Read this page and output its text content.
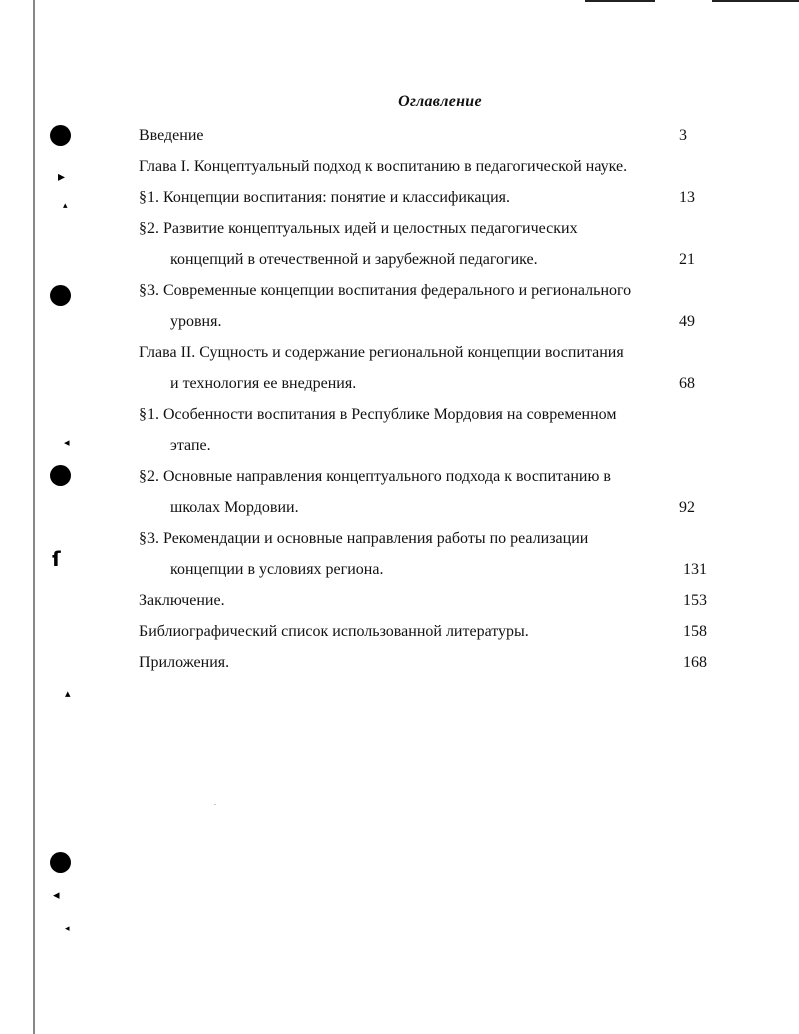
▸
▴
◂
ſ
▴
◂
◂
Оглавление
Введение	3
Глава I. Концептуальный подход к воспитанию в педагогической науке.
§1. Концепции воспитания: понятие и классификация.	13
§2. Развитие концептуальных идей и целостных педагогических
концепций в отечественной и зарубежной педагогике.	21
§3. Современные концепции воспитания федерального и регионального
уровня.	49
Глава II. Сущность и содержание региональной концепции воспитания
и технология ее внедрения.	68
§1. Особенности воспитания в Республике Мордовия на современном
этапе.
§2. Основные направления концептуального подхода к воспитанию в
школах Мордовии.	92
§3. Рекомендации и основные направления работы по реализации
концепции в условиях региона.	131
Заключение.	153
Библиографический список использованной литературы.	158
Приложения.	168
·
